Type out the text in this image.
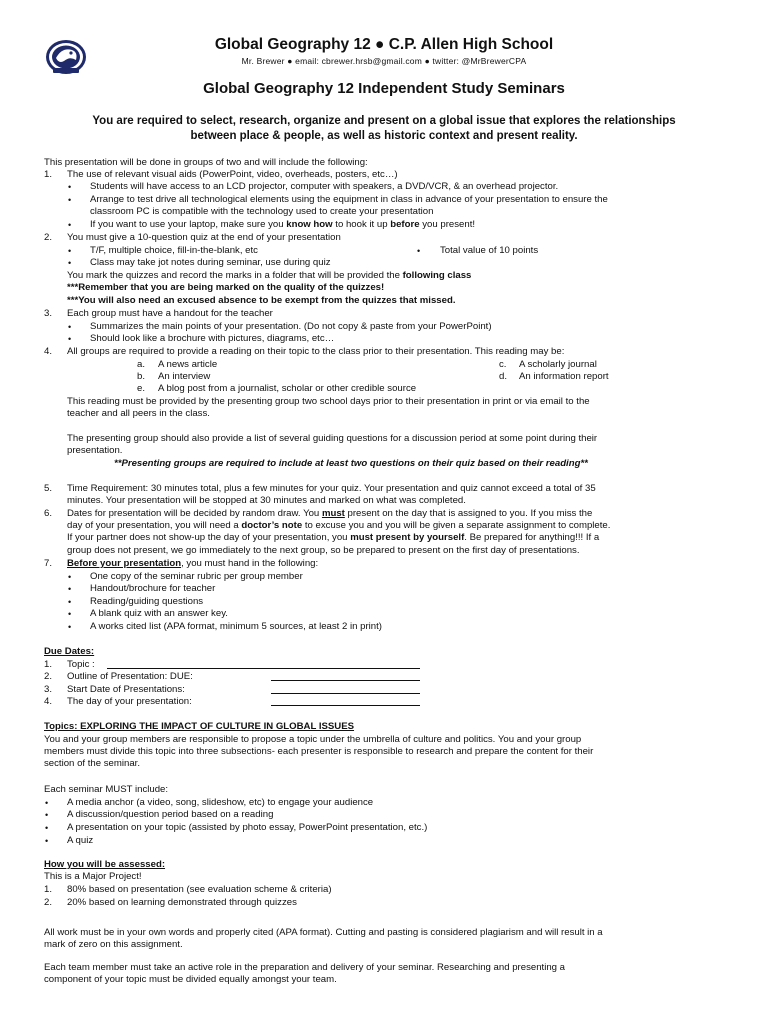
Global Geography 12 ● C.P. Allen High School
Mr. Brewer ● email: cbrewer.hrsb@gmail.com ● twitter: @MrBrewerCPA
Global Geography 12 Independent Study Seminars
You are required to select, research, organize and present on a global issue that explores the relationships
between place & people, as well as historic context and present reality.
This presentation will be done in groups of two and will include the following:
1. The use of relevant visual aids (PowerPoint, video, overheads, posters, etc…)
• Students will have access to an LCD projector, computer with speakers, a DVD/VCR, & an overhead projector.
• Arrange to test drive all technological elements using the equipment in class in advance of your presentation to ensure the
classroom PC is compatible with the technology used to create your presentation
• If you want to use your laptop, make sure you know how to hook it up before you present!
2. You must give a 10-question quiz at the end of your presentation
• T/F, multiple choice, fill-in-the-blank, etc	• Total value of 10 points
• Class may take jot notes during seminar, use during quiz
You mark the quizzes and record the marks in a folder that will be provided the following class
***Remember that you are being marked on the quality of the quizzes!
***You will also need an excused absence to be exempt from the quizzes that missed.
3. Each group must have a handout for the teacher
• Summarizes the main points of your presentation. (Do not copy & paste from your PowerPoint)
• Should look like a brochure with pictures, diagrams, etc…
4. All groups are required to provide a reading on their topic to the class prior to their presentation. This reading may be:
a. A news article	c. A scholarly journal
b. An interview	d. An information report
e. A blog post from a journalist, scholar or other credible source
This reading must be provided by the presenting group two school days prior to their presentation in print or via email to the
teacher and all peers in the class.
The presenting group should also provide a list of several guiding questions for a discussion period at some point during their
presentation.
**Presenting groups are required to include at least two questions on their quiz based on their reading**
5. Time Requirement: 30 minutes total, plus a few minutes for your quiz. Your presentation and quiz cannot exceed a total of 35
minutes. Your presentation will be stopped at 30 minutes and marked on what was completed.
6. Dates for presentation will be decided by random draw. You must present on the day that is assigned to you. If you miss the
day of your presentation, you will need a doctor’s note to excuse you and you will be given a separate assignment to complete.
If your partner does not show-up the day of your presentation, you must present by yourself. Be prepared for anything!!! If a
group does not present, we go immediately to the next group, so be prepared to present on the first day of presentations.
7. Before your presentation, you must hand in the following:
• One copy of the seminar rubric per group member
• Handout/brochure for teacher
• Reading/guiding questions
• A blank quiz with an answer key.
• A works cited list (APA format, minimum 5 sources, at least 2 in print)
Due Dates:
1. Topic :
2. Outline of Presentation: DUE:
3. Start Date of Presentations:
4. The day of your presentation:
Topics: EXPLORING THE IMPACT OF CULTURE IN GLOBAL ISSUES
You and your group members are responsible to propose a topic under the umbrella of culture and politics. You and your group
members must divide this topic into three subsections- each presenter is responsible to research and prepare the content for their
section of the seminar.
Each seminar MUST include:
• A media anchor (a video, song, slideshow, etc) to engage your audience
• A discussion/question period based on a reading
• A presentation on your topic (assisted by photo essay, PowerPoint presentation, etc.)
• A quiz
How you will be assessed:
This is a Major Project!
1. 80% based on presentation (see evaluation scheme & criteria)
2. 20% based on learning demonstrated through quizzes
All work must be in your own words and properly cited (APA format). Cutting and pasting is considered plagiarism and will result in a
mark of zero on this assignment.
Each team member must take an active role in the preparation and delivery of your seminar. Researching and presenting a
component of your topic must be divided equally amongst your team.
